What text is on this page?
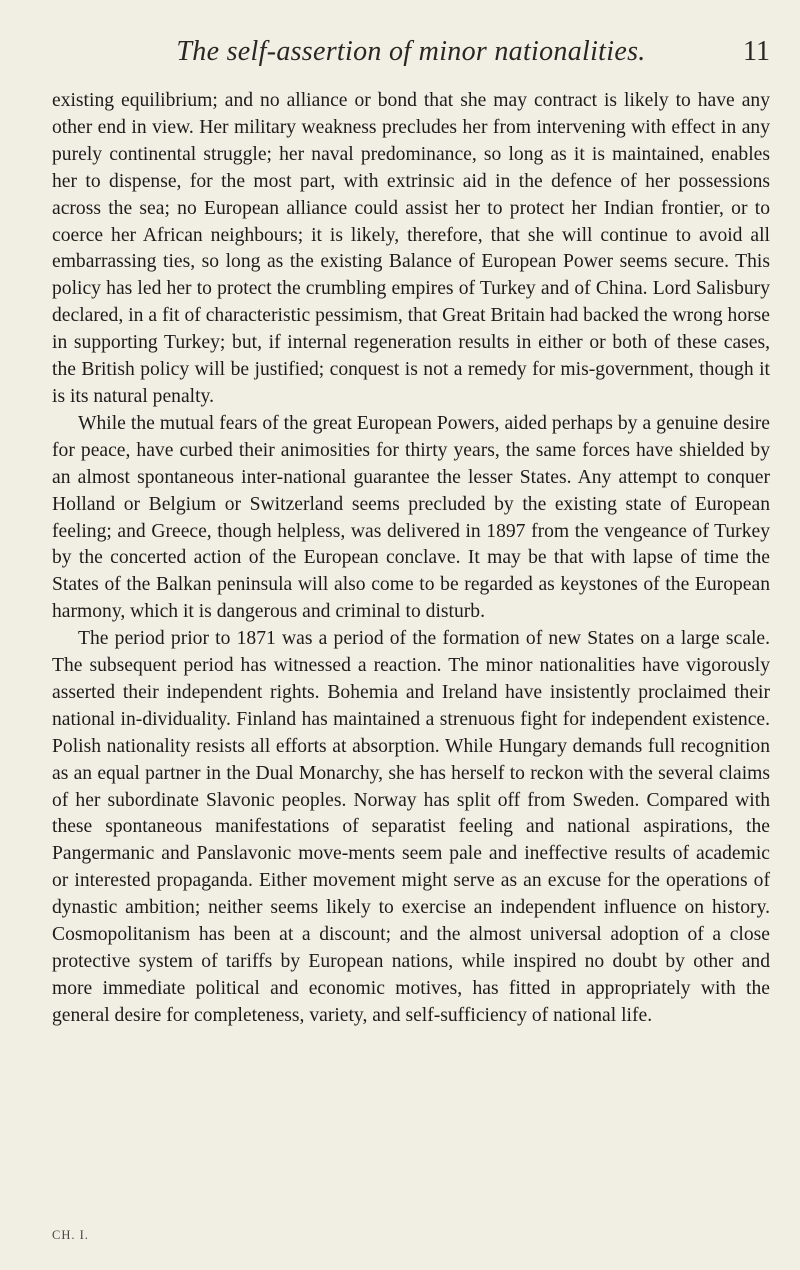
The self-assertion of minor nationalities.	11

existing equilibrium; and no alliance or bond that she may contract is likely to have any other end in view. Her military weakness precludes her from intervening with effect in any purely continental struggle; her naval predominance, so long as it is maintained, enables her to dispense, for the most part, with extrinsic aid in the defence of her possessions across the sea; no European alliance could assist her to protect her Indian frontier, or to coerce her African neighbours; it is likely, therefore, that she will continue to avoid all embarrassing ties, so long as the existing Balance of European Power seems secure. This policy has led her to protect the crumbling empires of Turkey and of China. Lord Salisbury declared, in a fit of characteristic pessimism, that Great Britain had backed the wrong horse in supporting Turkey; but, if internal regeneration results in either or both of these cases, the British policy will be justified; conquest is not a remedy for mis-government, though it is its natural penalty.

While the mutual fears of the great European Powers, aided perhaps by a genuine desire for peace, have curbed their animosities for thirty years, the same forces have shielded by an almost spontaneous inter-national guarantee the lesser States. Any attempt to conquer Holland or Belgium or Switzerland seems precluded by the existing state of European feeling; and Greece, though helpless, was delivered in 1897 from the vengeance of Turkey by the concerted action of the European conclave. It may be that with lapse of time the States of the Balkan peninsula will also come to be regarded as keystones of the European harmony, which it is dangerous and criminal to disturb.

The period prior to 1871 was a period of the formation of new States on a large scale. The subsequent period has witnessed a reaction. The minor nationalities have vigorously asserted their independent rights. Bohemia and Ireland have insistently proclaimed their national in-dividuality. Finland has maintained a strenuous fight for independent existence. Polish nationality resists all efforts at absorption. While Hungary demands full recognition as an equal partner in the Dual Monarchy, she has herself to reckon with the several claims of her subordinate Slavonic peoples. Norway has split off from Sweden. Compared with these spontaneous manifestations of separatist feeling and national aspirations, the Pangermanic and Panslavonic move-ments seem pale and ineffective results of academic or interested propaganda. Either movement might serve as an excuse for the operations of dynastic ambition; neither seems likely to exercise an independent influence on history. Cosmopolitanism has been at a discount; and the almost universal adoption of a close protective system of tariffs by European nations, while inspired no doubt by other and more immediate political and economic motives, has fitted in appropriately with the general desire for completeness, variety, and self-sufficiency of national life.

CH. I.
